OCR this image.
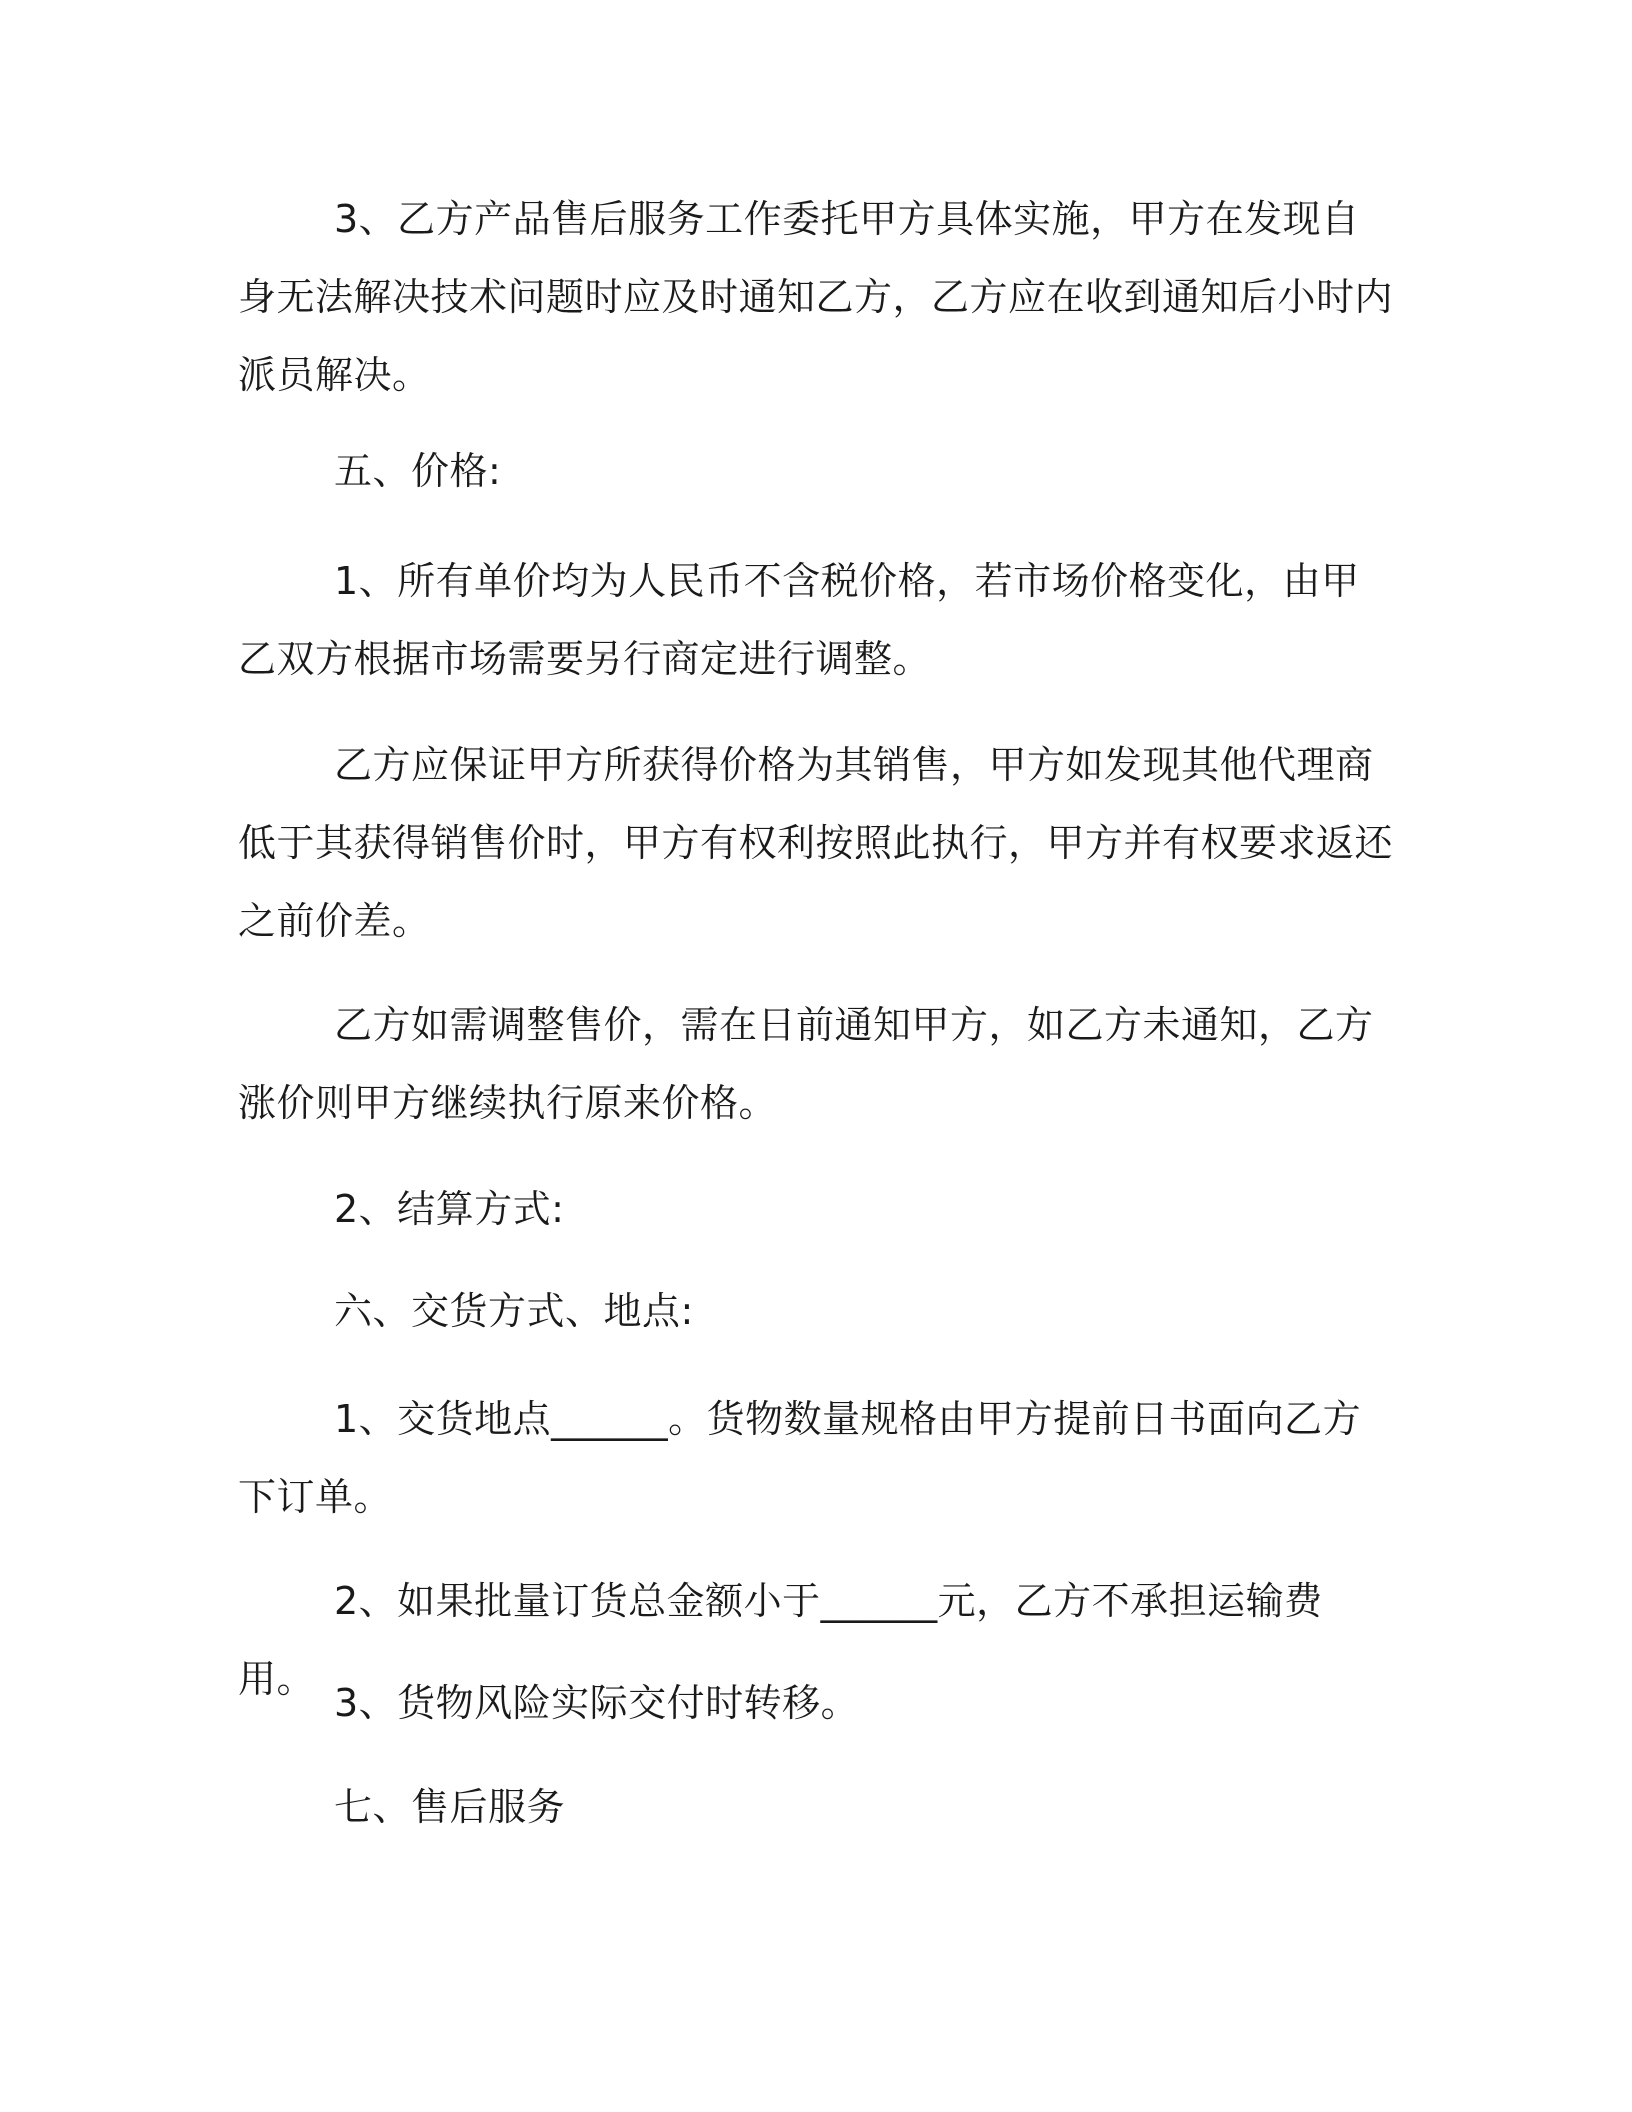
3、乙方产品售后服务工作委托甲方具体实施，甲方在发现自身无法解决技术问题时应及时通知乙方，乙方应在收到通知后小时内派员解决。

五、价格:

1、所有单价均为人民币不含税价格，若市场价格变化，由甲乙双方根据市场需要另行商定进行调整。

乙方应保证甲方所获得价格为其销售，甲方如发现其他代理商低于其获得销售价时，甲方有权利按照此执行，甲方并有权要求返还之前价差。

乙方如需调整售价，需在日前通知甲方，如乙方未通知，乙方涨价则甲方继续执行原来价格。

2、结算方式:

六、交货方式、地点:

1、交货地点______。货物数量规格由甲方提前日书面向乙方下订单。

2、如果批量订货总金额小于______元，乙方不承担运输费用。

3、货物风险实际交付时转移。

七、售后服务
